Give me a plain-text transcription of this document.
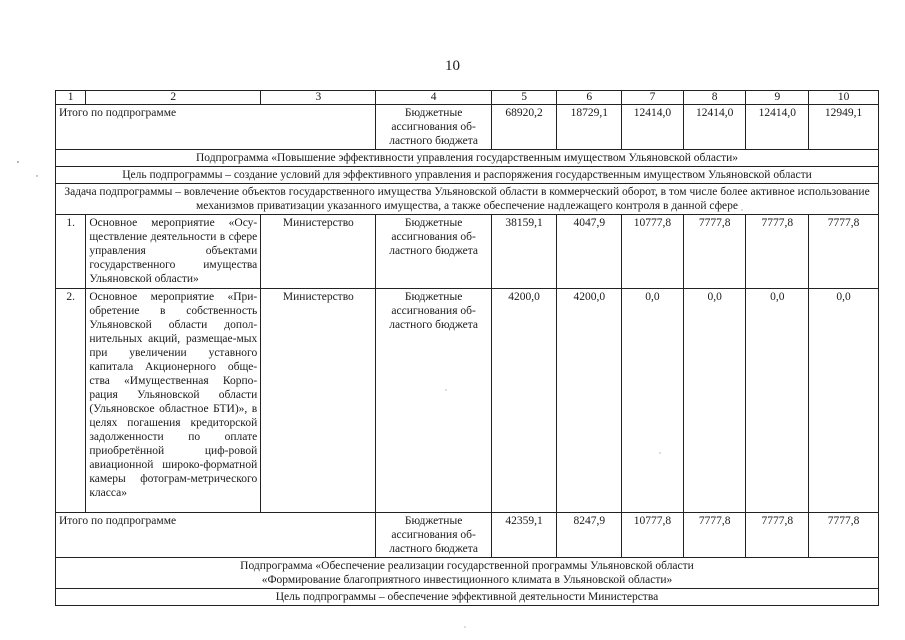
10
1	2	3	4	5	6	7	8	9	10
Итого по подпрограмме			Бюджетные ассигнования об-ластного бюджета	68920,2	18729,1	12414,0	12414,0	12414,0	12949,1
Подпрограмма «Повышение эффективности управления государственным имуществом Ульяновской области»									
Цель подпрограммы – создание условий для эффективного управления и распоряжения государственным имуществом Ульяновской области									
Задача подпрограммы – вовлечение объектов государственного имущества Ульяновской области в коммерческий оборот, в том числе более активное использование механизмов приватизации указанного имущества, а также обеспечение надлежащего контроля в данной сфере									
1.	Основное мероприятие «Осу-ществление деятельности в сфере управления объектами государственного имущества Ульяновской области»	Министерство	Бюджетные ассигнования об-ластного бюджета	38159,1	4047,9	10777,8	7777,8	7777,8	7777,8
2.	Основное мероприятие «При-обретение в собственность Ульяновской области допол-нительных акций, размещае-мых при увеличении уставного капитала Акционерного обще-ства «Имущественная Корпо-рация Ульяновской области (Ульяновское областное БТИ)», в целях погашения кредиторской задолженности по оплате приобретённой циф-ровой авиационной широко-форматной камеры фотограм-метрического класса»	Министерство	Бюджетные ассигнования об-ластного бюджета	4200,0	4200,0	0,0	0,0	0,0	0,0
Итого по подпрограмме			Бюджетные ассигнования об-ластного бюджета	42359,1	8247,9	10777,8	7777,8	7777,8	7777,8

Подпрограмма «Обеспечение реализации государственной программы Ульяновской области
«Формирование благоприятного инвестиционного климата в Ульяновской области»									

Цель подпрограммы – обеспечение эффективной деятельности Министерства									
